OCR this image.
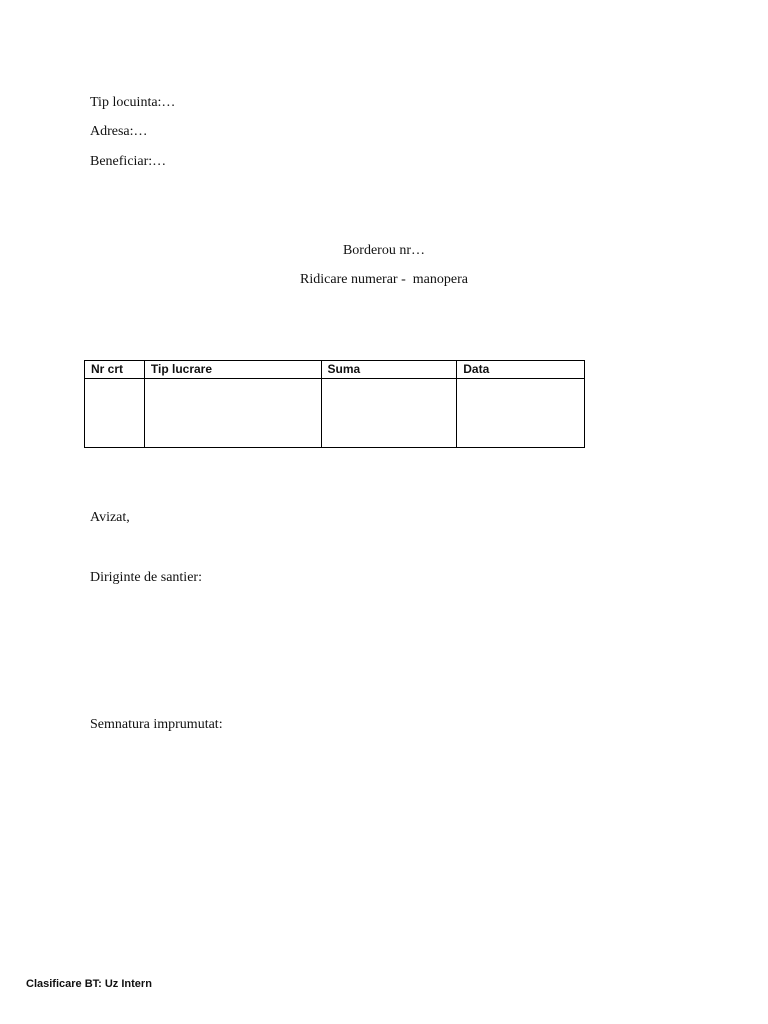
Tip locuinta:…
Adresa:…
Beneficiar:…
Borderou nr…
Ridicare numerar -  manopera
Nr crt	Tip lucrare	Suma	Data

Avizat,
Diriginte de santier:
Semnatura imprumutat:
Clasificare BT: Uz Intern
